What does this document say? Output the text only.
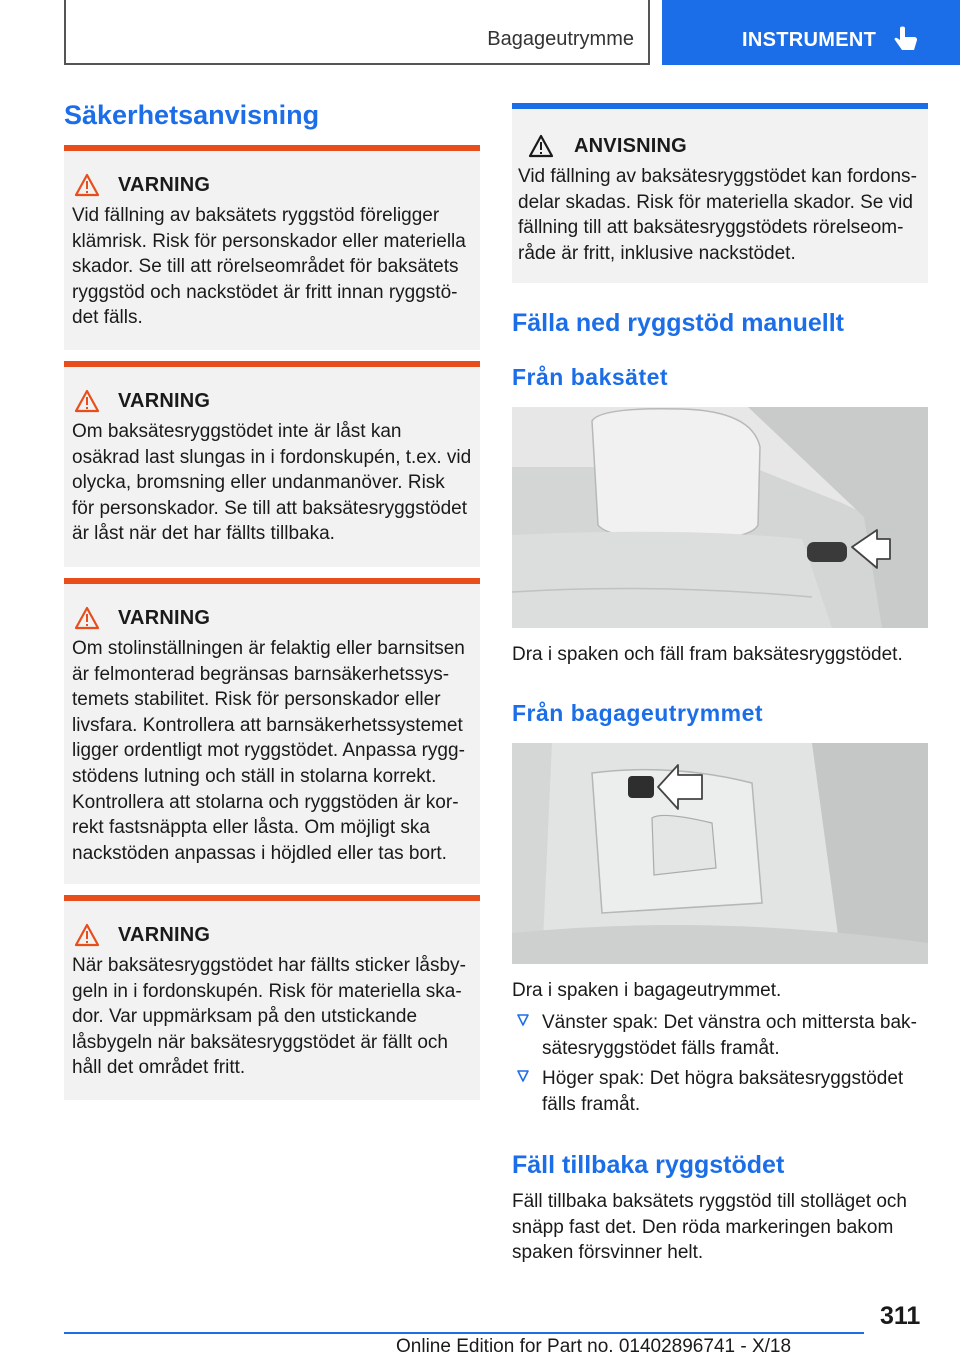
Bagageutrymme	INSTRUMENT
Säkerhetsanvisning
VARNING
Vid fällning av baksätets ryggstöd föreligger klämrisk. Risk för personskador eller materiella skador. Se till att rörelseområdet för baksätets ryggstöd och nackstödet är fritt innan ryggstödet fälls.
VARNING
Om baksätesryggstödet inte är låst kan osäkrad last slungas in i fordonskupén, t.ex. vid olycka, bromsning eller undanmanöver. Risk för personskador. Se till att baksätesryggstödet är låst när det har fällts tillbaka.
VARNING
Om stolinställningen är felaktig eller barnsitsen är felmonterad begränsas barnsäkerhetssystemets stabilitet. Risk för personskador eller livsfara. Kontrollera att barnsäkerhetssystemet ligger ordentligt mot ryggstödet. Anpassa ryggstödens lutning och ställ in stolarna korrekt. Kontrollera att stolarna och ryggstöden är korrekt fastsnäppta eller låsta. Om möjligt ska nackstöden anpassas i höjdled eller tas bort.
VARNING
När baksätesryggstödet har fällts sticker låsbygeln in i fordonskupén. Risk för materiella skador. Var uppmärksam på den utstickande låsbygeln när baksätesryggstödet är fällt och håll det området fritt.
ANVISNING
Vid fällning av baksätesryggstödet kan fordonsdelar skadas. Risk för materiella skador. Se vid fällning till att baksätesryggstödets rörelseområde är fritt, inklusive nackstödet.
Fälla ned ryggstöd manuellt
Från baksätet
Dra i spaken och fäll fram baksätesryggstödet.
Från bagageutrymmet
Dra i spaken i bagageutrymmet.
Vänster spak: Det vänstra och mittersta baksätesryggstödet fälls framåt.
Höger spak: Det högra baksätesryggstödet fälls framåt.
Fäll tillbaka ryggstödet
Fäll tillbaka baksätets ryggstöd till stolläget och snäpp fast det. Den röda markeringen bakom spaken försvinner helt.
311
Online Edition for Part no. 01402896741 - X/18
